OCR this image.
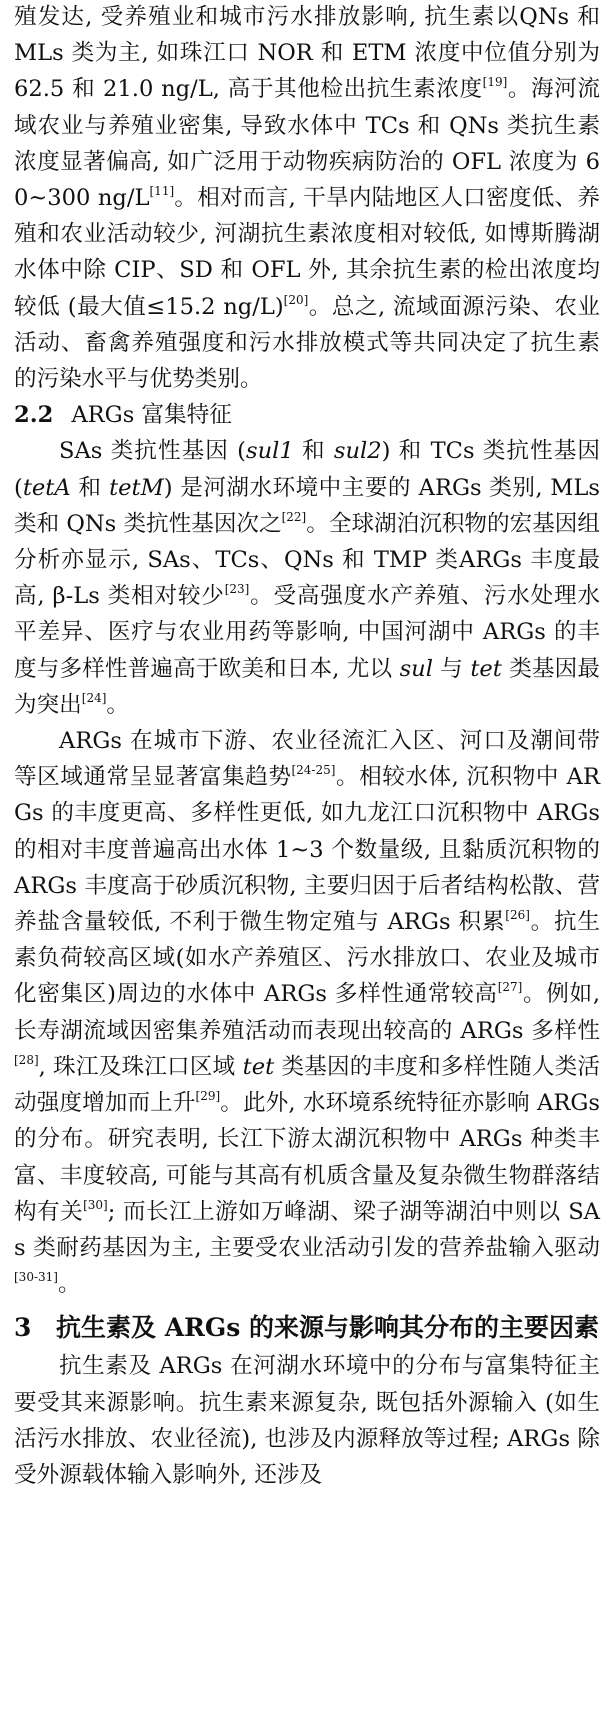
殖发达, 受养殖业和城市污水排放影响, 抗生素以QNs 和 MLs 类为主, 如珠江口 NOR 和 ETM 浓度中位值分别为 62.5 和 21.0 ng/L, 高于其他检出抗生素浓度[19]。海河流域农业与养殖业密集, 导致水体中 TCs 和 QNs 类抗生素浓度显著偏高, 如广泛用于动物疾病防治的 OFL 浓度为 60~300 ng/L[11]。相对而言, 干旱内陆地区人口密度低、养殖和农业活动较少, 河湖抗生素浓度相对较低, 如博斯腾湖水体中除 CIP、SD 和 OFL 外, 其余抗生素的检出浓度均较低 (最大值≤15.2 ng/L)[20]。总之, 流域面源污染、农业活动、畜禽养殖强度和污水排放模式等共同决定了抗生素的污染水平与优势类别。

2.2 ARGs 富集特征

SAs 类抗性基因 (sul1 和 sul2) 和 TCs 类抗性基因 (tetA 和 tetM) 是河湖水环境中主要的 ARGs 类别, MLs 类和 QNs 类抗性基因次之[22]。全球湖泊沉积物的宏基因组分析亦显示, SAs、TCs、QNs 和 TMP 类ARGs 丰度最高, β-Ls 类相对较少[23]。受高强度水产养殖、污水处理水平差异、医疗与农业用药等影响, 中国河湖中 ARGs 的丰度与多样性普遍高于欧美和日本, 尤以 sul 与 tet 类基因最为突出[24]。

ARGs 在城市下游、农业径流汇入区、河口及潮间带等区域通常呈显著富集趋势[24-25]。相较水体, 沉积物中 ARGs 的丰度更高、多样性更低, 如九龙江口沉积物中 ARGs 的相对丰度普遍高出水体 1~3 个数量级, 且黏质沉积物的 ARGs 丰度高于砂质沉积物, 主要归因于后者结构松散、营养盐含量较低, 不利于微生物定殖与 ARGs 积累[26]。抗生素负荷较高区域(如水产养殖区、污水排放口、农业及城市化密集区)周边的水体中 ARGs 多样性通常较高[27]。例如, 长寿湖流域因密集养殖活动而表现出较高的 ARGs 多样性[28], 珠江及珠江口区域 tet 类基因的丰度和多样性随人类活动强度增加而上升[29]。此外, 水环境系统特征亦影响 ARGs 的分布。研究表明, 长江下游太湖沉积物中 ARGs 种类丰富、丰度较高, 可能与其高有机质含量及复杂微生物群落结构有关[30]; 而长江上游如万峰湖、梁子湖等湖泊中则以 SAs 类耐药基因为主, 主要受农业活动引发的营养盐输入驱动[30-31]。

3 抗生素及 ARGs 的来源与影响其分布的主要因素

抗生素及 ARGs 在河湖水环境中的分布与富集特征主要受其来源影响。抗生素来源复杂, 既包括外源输入 (如生活污水排放、农业径流), 也涉及内源释放等过程; ARGs 除受外源载体输入影响外, 还涉及
